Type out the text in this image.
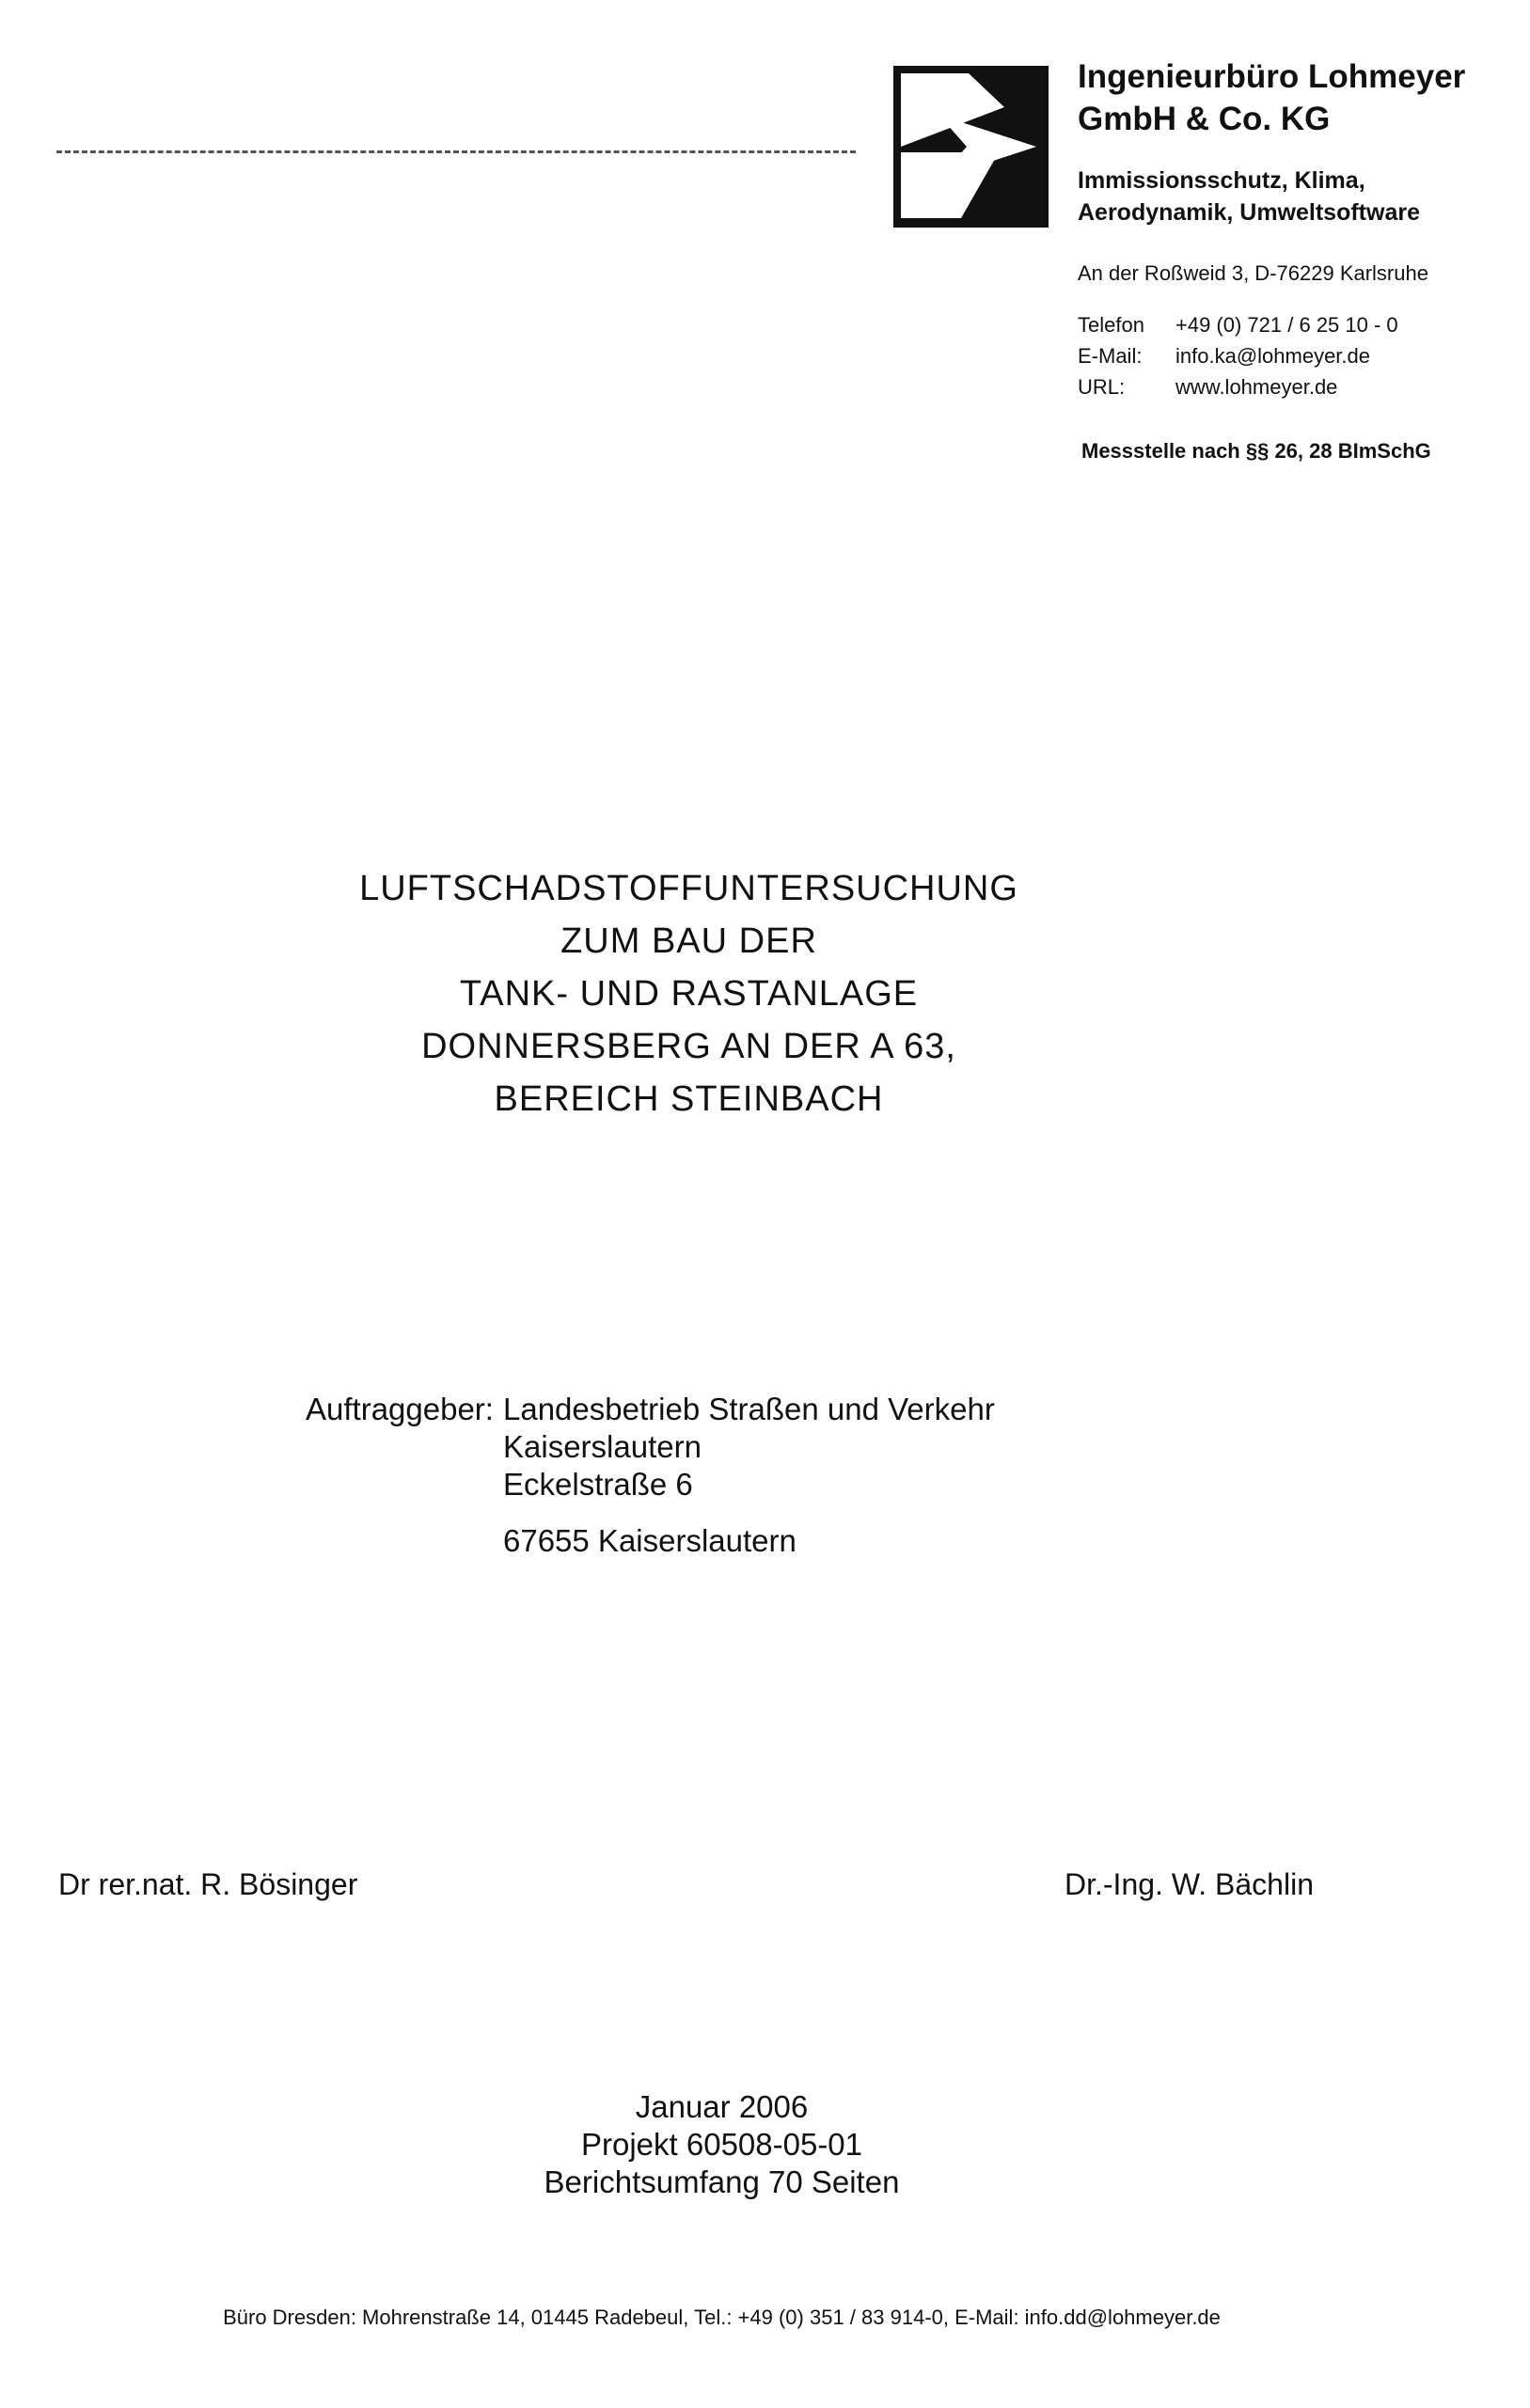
Ingenieurbüro Lohmeyer
GmbH & Co. KG
Immissionsschutz, Klima,
Aerodynamik, Umweltsoftware
An der Roßweid 3, D-76229 Karlsruhe
Telefon +49 (0) 721 / 6 25 10 - 0
E-Mail: info.ka@lohmeyer.de
URL: www.lohmeyer.de
Messstelle nach §§ 26, 28 BImSchG
LUFTSCHADSTOFFUNTERSUCHUNG
ZUM BAU DER
TANK- UND RASTANLAGE
DONNERSBERG AN DER A 63,
BEREICH STEINBACH
Auftraggeber: Landesbetrieb Straßen und Verkehr
Kaiserslautern
Eckelstraße 6
67655 Kaiserslautern
Dr rer.nat. R. Bösinger	Dr.-Ing. W. Bächlin
Januar 2006
Projekt 60508-05-01
Berichtsumfang 70 Seiten
Büro Dresden: Mohrenstraße 14, 01445 Radebeul, Tel.: +49 (0) 351 / 83 914-0, E-Mail: info.dd@lohmeyer.de
